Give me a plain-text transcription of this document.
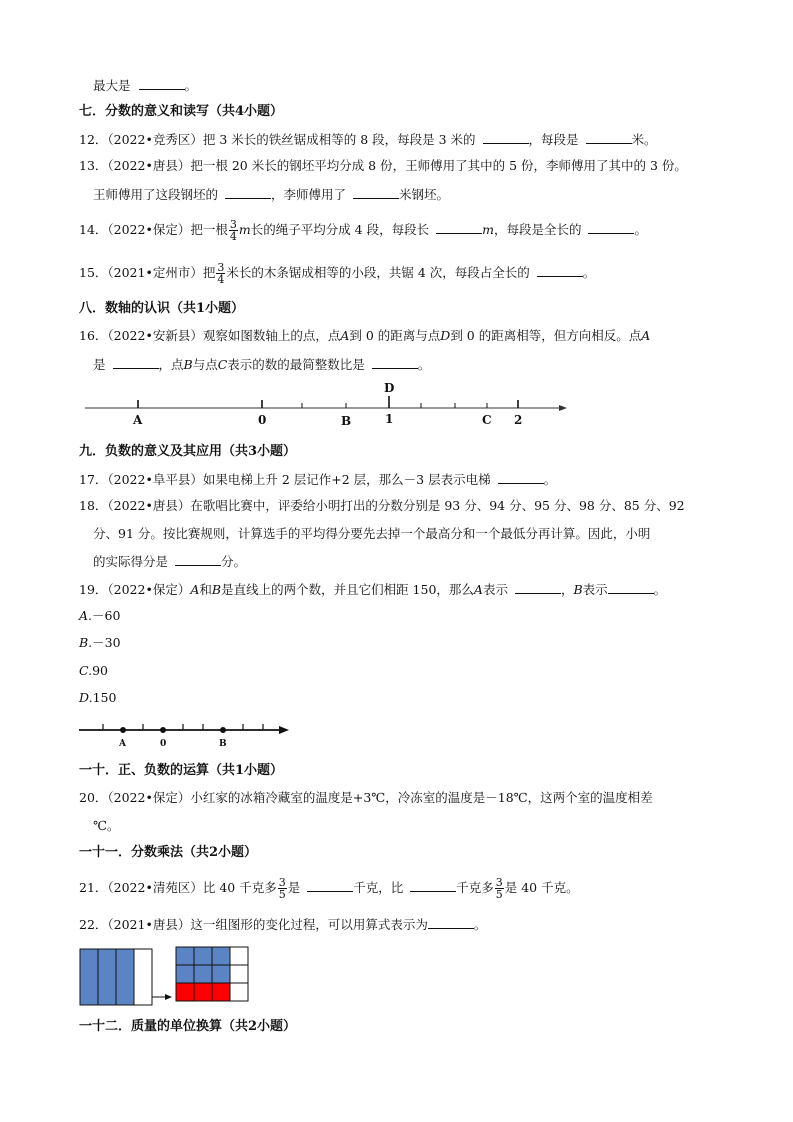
最大是	。
七．分数的意义和读写（共4小题）
12．（2022•竞秀区）把 3 米长的铁丝锯成相等的 8 段，每段是 3 米的	，每段是	米。
13．（2022•唐县）把一根 20 米长的钢坯平均分成 8 份，王师傅用了其中的 5 份，李师傅用了其中的 3 份。
王师傅用了这段钢坯的	，李师傅用了	米钢坯。
14．（2022•保定）把一根 $\frac{3}{4}$ m长的绳子平均分成 4 段，每段长	m，每段是全长的	。
15．（2021•定州市）把 $\frac{3}{4}$ 米长的木条锯成相等的小段，共锯 4 次，每段占全长的	。
八．数轴的认识（共1小题）
16．（2022•安新县）观察如图数轴上的点，点A到 0 的距离与点D到 0 的距离相等，但方向相反。点A
是	，点B与点C表示的数的最简整数比是	。
A	0	B
D
1	C 2
九．负数的意义及其应用（共3小题）
17．（2022•阜平县）如果电梯上升 2 层记作+2 层，那么－3 层表示电梯	。
18．（2022•唐县）在歌唱比赛中，评委给小明打出的分数分别是 93 分、94 分、95 分、98 分、85 分、92
分、91 分。按比赛规则，计算选手的平均得分要先去掉一个最高分和一个最低分再计算。因此，小明
的实际得分是	分。
19．（2022•保定）A和B是直线上的两个数，并且它们相距 150，那么A表示	，B表示	。
A.－60
B.－30
C.90
D.150
A	0	B
一十．正、负数的运算（共1小题）
20．（2022•保定）小红家的冰箱冷藏室的温度是+3℃，冷冻室的温度是－18℃，这两个室的温度相差
℃。
一十一．分数乘法（共2小题）
21．（2022•清苑区）比 40 千克多 $\frac{3}{5}$ 是	千克，比	千克多 $\frac{3}{5}$ 是 40 千克。
22．（2021•唐县）这一组图形的变化过程，可以用算式表示为	。
一十二．质量的单位换算（共2小题）
